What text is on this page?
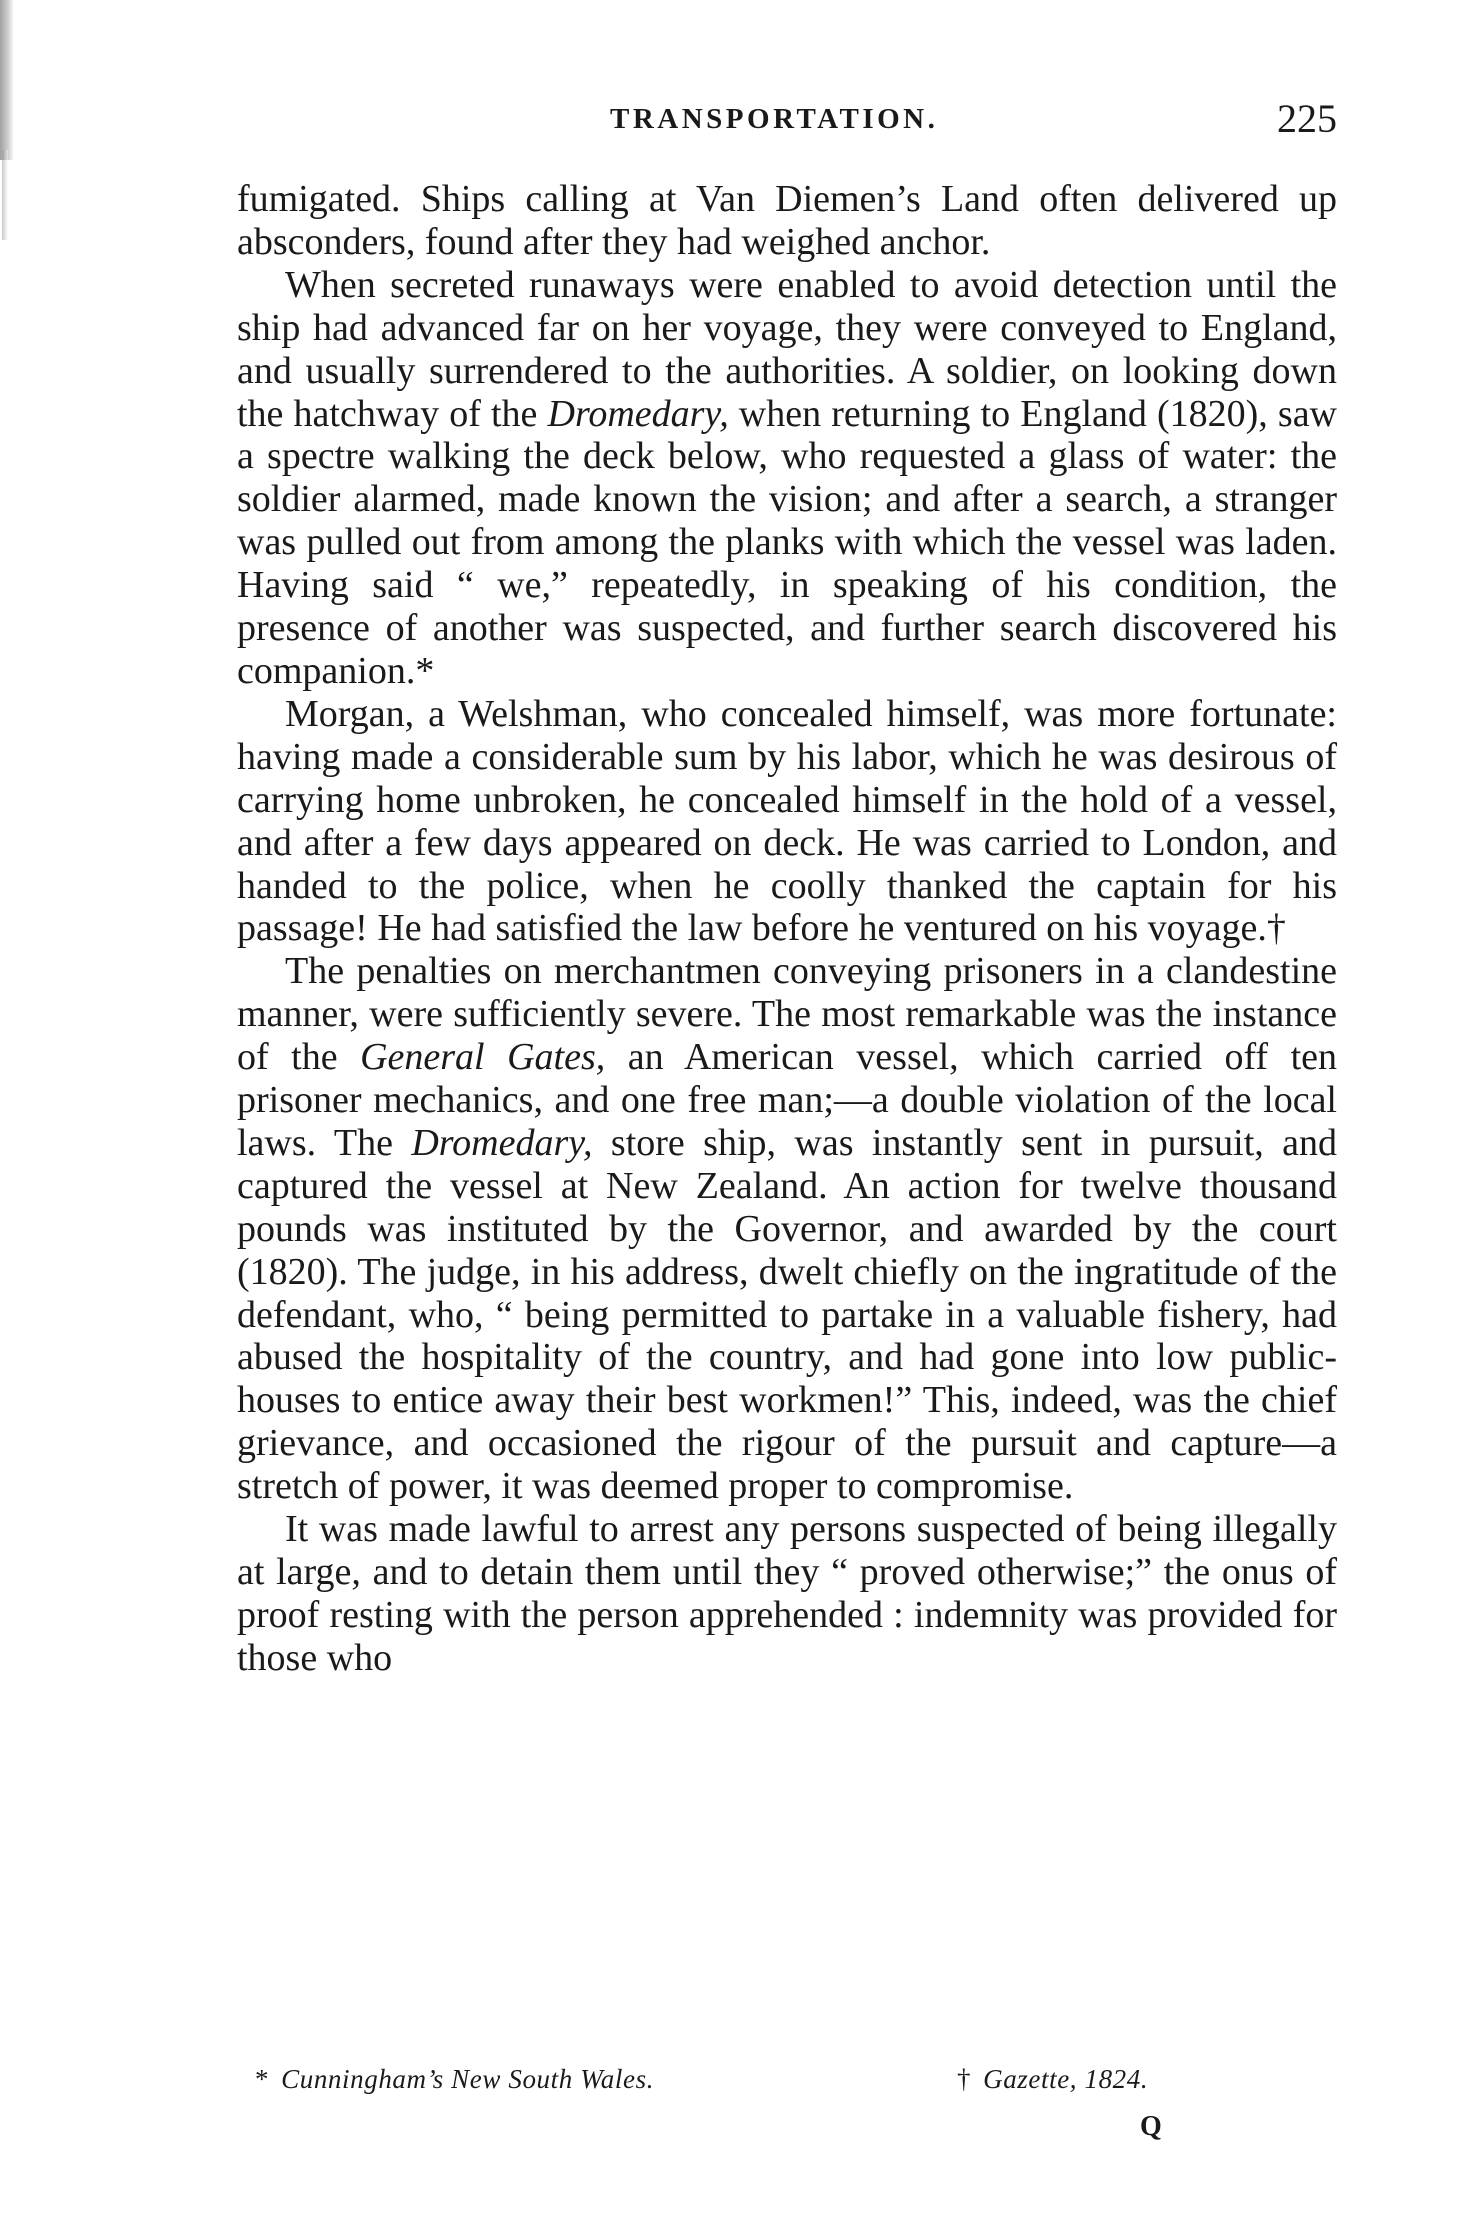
TRANSPORTATION.	225

fumigated. Ships calling at Van Diemen’s Land often delivered up absconders, found after they had weighed anchor.

When secreted runaways were enabled to avoid detection until the ship had advanced far on her voyage, they were conveyed to England, and usually surrendered to the authorities. A soldier, on looking down the hatchway of the Dromedary, when returning to England (1820), saw a spectre walking the deck below, who requested a glass of water: the soldier alarmed, made known the vision; and after a search, a stranger was pulled out from among the planks with which the vessel was laden. Having said “ we,” repeatedly, in speaking of his condition, the presence of another was suspected, and further search discovered his companion.*

Morgan, a Welshman, who concealed himself, was more fortunate: having made a considerable sum by his labor, which he was desirous of carrying home unbroken, he concealed himself in the hold of a vessel, and after a few days appeared on deck. He was carried to London, and handed to the police, when he coolly thanked the captain for his passage! He had satisfied the law before he ventured on his voyage.†

The penalties on merchantmen conveying prisoners in a clandestine manner, were sufficiently severe. The most remarkable was the instance of the General Gates, an American vessel, which carried off ten prisoner mechanics, and one free man;—a double violation of the local laws. The Dromedary, store ship, was instantly sent in pursuit, and captured the vessel at New Zealand. An action for twelve thousand pounds was instituted by the Governor, and awarded by the court (1820). The judge, in his address, dwelt chiefly on the ingratitude of the defendant, who, “ being permitted to partake in a valuable fishery, had abused the hospitality of the country, and had gone into low public-houses to entice away their best workmen!” This, indeed, was the chief grievance, and occasioned the rigour of the pursuit and capture—a stretch of power, it was deemed proper to compromise.

It was made lawful to arrest any persons suspected of being illegally at large, and to detain them until they “ proved otherwise;” the onus of proof resting with the person apprehended : indemnity was provided for those who

* Cunningham’s New South Wales.	† Gazette, 1824.
Q
